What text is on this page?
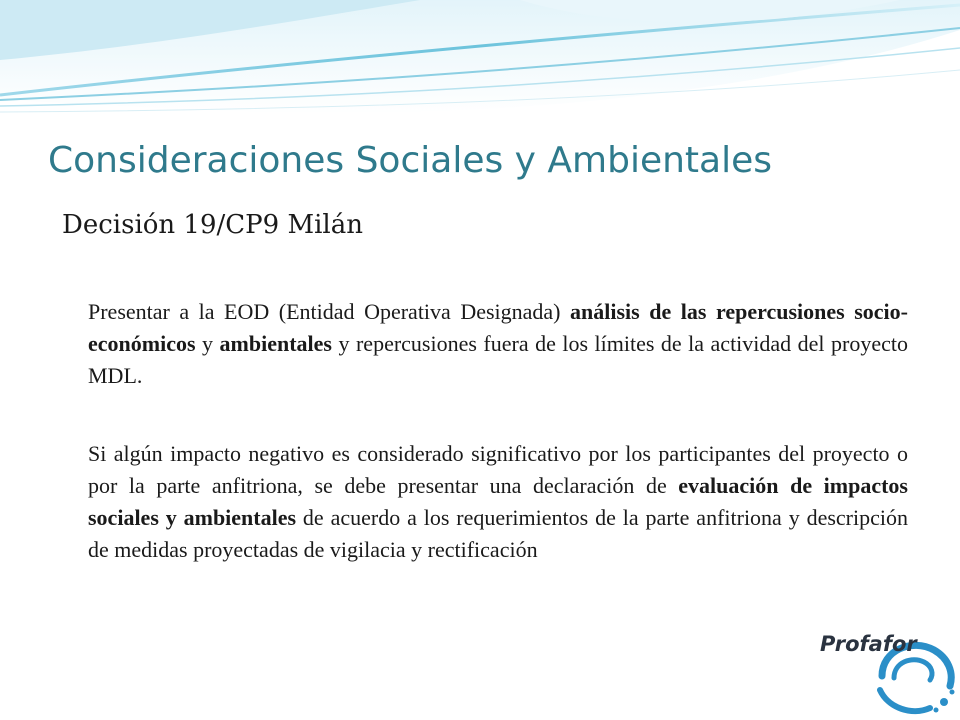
Consideraciones Sociales y Ambientales
Decisión 19/CP9 Milán

Presentar a la EOD (Entidad Operativa Designada) análisis de las repercusiones socio-económicos y ambientales y repercusiones fuera de los límites de la actividad del proyecto MDL.

Si algún impacto negativo es considerado significativo por los participantes del proyecto o por la parte anfitriona, se debe presentar una declaración de evaluación de impactos sociales y ambientales de acuerdo a los requerimientos de la parte anfitriona y descripción de medidas proyectadas de vigilacia y rectificación

Profafor
